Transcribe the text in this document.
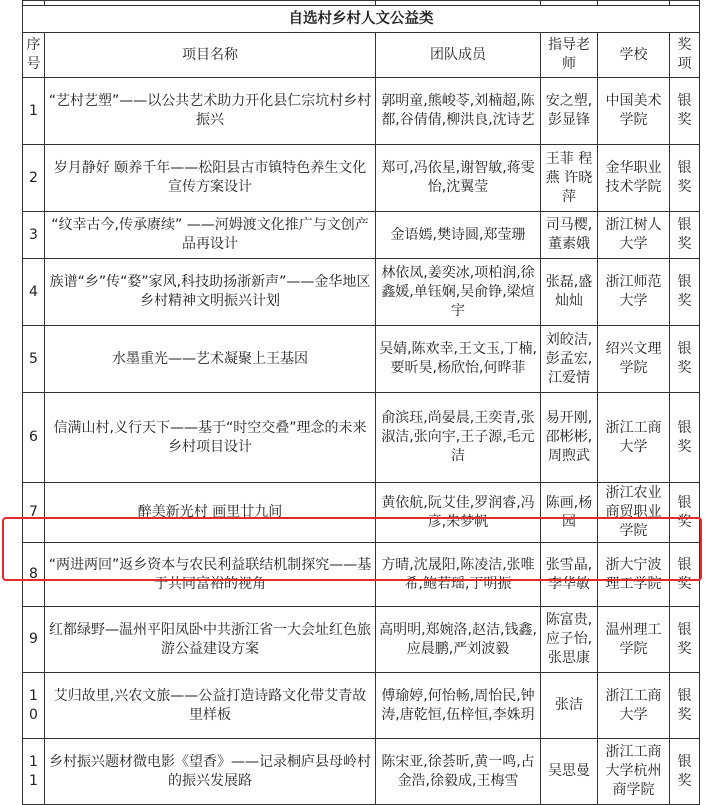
自选村乡村人文公益类					
序号	项目名称	团队成员	指导老师	学校	奖项
1	“艺村艺塑”——以公共艺术助力开化县仁宗坑村乡村振兴	郭明童,熊峻苓,刘楠超,陈都,谷倩倩,柳洪良,沈诗艺	安之塑,彭显锋	中国美术学院	银奖
2	岁月静好 颐养千年——松阳县古市镇特色养生文化宣传方案设计	郑可,冯依星,谢智敏,蒋雯怡,沈翼莹	王菲 程燕 许晓萍	金华职业技术学院	银奖
3	“纹幸古今,传承赓续” ——河姆渡文化推广与文创产品再设计	金语嫣,樊诗圆,郑莹珊	司马樱,董素娥	浙江树人大学	银奖
4	族谱“乡”传“婺”家风,科技助扬浙新声”——金华地区乡村精神文明振兴计划	林依凤,姜奕冰,项柏润,徐鑫媛,单钰娴,吴俞铮,梁煊宇	张磊,盛灿灿	浙江师范大学	银奖
5	水墨重光——艺术凝聚上王基因	吴婧,陈欢幸,王文玉,丁楠,要昕昊,杨欣怡,何晔菲	刘皎洁,彭孟宏,江爱情	绍兴文理学院	银奖
6	信满山村,义行天下——基于“时空交叠”理念的未来乡村项目设计	俞滨珏,尚晏晨,王奕青,张淑洁,张向宇,王子源,毛元洁	易开刚,邵彬彬,周煦武	浙江工商大学	银奖
7	醉美新光村 画里廿九间	黄依航,阮艾佳,罗润睿,冯彦,朱梦帆	陈画,杨园	浙江农业商贸职业学院	银奖
8	“两进两回”返乡资本与农民利益联结机制探究——基于共同富裕的视角	方晴,沈晟阳,陈凌洁,张唯希,鲍若瑶,丁明振	张雪晶,李华敏	浙大宁波理工学院	银奖
9	红都绿野—温州平阳凤卧中共浙江省一大会址红色旅游公益建设方案	高明明,郑婉洛,赵洁,钱鑫,应晨鹏,严刘波毅	陈富贵,应子怡,张思康	温州理工学院	银奖
10	艾归故里,兴农文旅——公益打造诗路文化带艾青故里样板	傅瑜婷,何怡畅,周怡民,钟涛,唐乾恒,伍梓恒,李姝玥	张洁	浙江工商大学	银奖
11	乡村振兴题材微电影《望香》——记录桐庐县母岭村的振兴发展路	陈宋亚,徐荟昕,黄一鸣,占金浩,徐毅成,王梅雪	吴思曼	浙江工商大学杭州商学院	银奖
